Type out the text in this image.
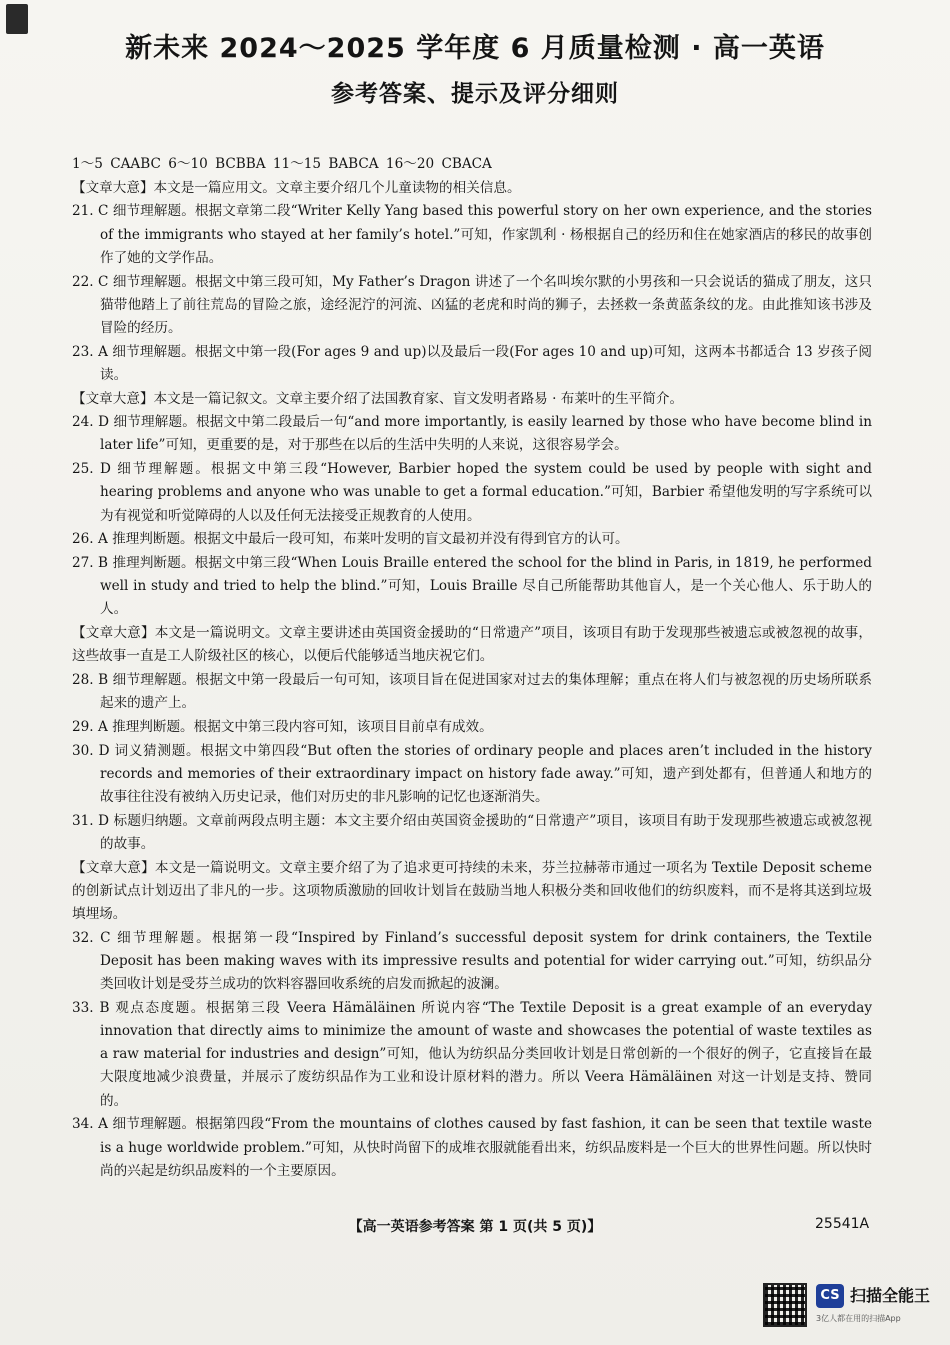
新未来 2024～2025 学年度 6 月质量检测 · 高一英语
参考答案、提示及评分细则

1～5 CAABC 6～10 BCBBA 11～15 BABCA 16～20 CBACA

【文章大意】本文是一篇应用文。文章主要介绍几个儿童读物的相关信息。

21. C 细节理解题。根据文章第二段“Writer Kelly Yang based this powerful story on her own experience, and the stories of the immigrants who stayed at her family’s hotel.”可知，作家凯利 · 杨根据自己的经历和住在她家酒店的移民的故事创作了她的文学作品。

22. C 细节理解题。根据文中第三段可知，My Father’s Dragon 讲述了一个名叫埃尔默的小男孩和一只会说话的猫成了朋友，这只猫带他踏上了前往荒岛的冒险之旅，途经泥泞的河流、凶猛的老虎和时尚的狮子，去拯救一条黄蓝条纹的龙。由此推知该书涉及冒险的经历。

23. A 细节理解题。根据文中第一段(For ages 9 and up)以及最后一段(For ages 10 and up)可知，这两本书都适合 13 岁孩子阅读。

【文章大意】本文是一篇记叙文。文章主要介绍了法国教育家、盲文发明者路易 · 布莱叶的生平简介。

24. D 细节理解题。根据文中第二段最后一句“and more importantly, is easily learned by those who have become blind in later life”可知，更重要的是，对于那些在以后的生活中失明的人来说，这很容易学会。

25. D 细节理解题。根据文中第三段“However, Barbier hoped the system could be used by people with sight and hearing problems and anyone who was unable to get a formal education.”可知，Barbier 希望他发明的写字系统可以为有视觉和听觉障碍的人以及任何无法接受正规教育的人使用。

26. A 推理判断题。根据文中最后一段可知，布莱叶发明的盲文最初并没有得到官方的认可。

27. B 推理判断题。根据文中第三段“When Louis Braille entered the school for the blind in Paris, in 1819, he performed well in study and tried to help the blind.”可知，Louis Braille 尽自己所能帮助其他盲人，是一个关心他人、乐于助人的人。

【文章大意】本文是一篇说明文。文章主要讲述由英国资金援助的“日常遗产”项目，该项目有助于发现那些被遗忘或被忽视的故事，这些故事一直是工人阶级社区的核心，以便后代能够适当地庆祝它们。

28. B 细节理解题。根据文中第一段最后一句可知，该项目旨在促进国家对过去的集体理解；重点在将人们与被忽视的历史场所联系起来的遗产上。

29. A 推理判断题。根据文中第三段内容可知，该项目目前卓有成效。

30. D 词义猜测题。根据文中第四段“But often the stories of ordinary people and places aren’t included in the history records and memories of their extraordinary impact on history fade away.”可知，遗产到处都有，但普通人和地方的故事往往没有被纳入历史记录，他们对历史的非凡影响的记忆也逐渐消失。

31. D 标题归纳题。文章前两段点明主题：本文主要介绍由英国资金援助的“日常遗产”项目，该项目有助于发现那些被遗忘或被忽视的故事。

【文章大意】本文是一篇说明文。文章主要介绍了为了追求更可持续的未来，芬兰拉赫蒂市通过一项名为 Textile Deposit scheme 的创新试点计划迈出了非凡的一步。这项物质激励的回收计划旨在鼓励当地人积极分类和回收他们的纺织废料，而不是将其送到垃圾填埋场。

32. C 细节理解题。根据第一段“Inspired by Finland’s successful deposit system for drink containers, the Textile Deposit has been making waves with its impressive results and potential for wider carrying out.”可知，纺织品分类回收计划是受芬兰成功的饮料容器回收系统的启发而掀起的波澜。

33. B 观点态度题。根据第三段 Veera Hämäläinen 所说内容“The Textile Deposit is a great example of an everyday innovation that directly aims to minimize the amount of waste and showcases the potential of waste textiles as a raw material for industries and design”可知，他认为纺织品分类回收计划是日常创新的一个很好的例子，它直接旨在最大限度地减少浪费量，并展示了废纺织品作为工业和设计原材料的潜力。所以 Veera Hämäläinen 对这一计划是支持、赞同的。

34. A 细节理解题。根据第四段“From the mountains of clothes caused by fast fashion, it can be seen that textile waste is a huge worldwide problem.”可知，从快时尚留下的成堆衣服就能看出来，纺织品废料是一个巨大的世界性问题。所以快时尚的兴起是纺织品废料的一个主要原因。

【高一英语参考答案 第 1 页(共 5 页)】	25541A
CS 扫描全能王
3亿人都在用的扫描App
